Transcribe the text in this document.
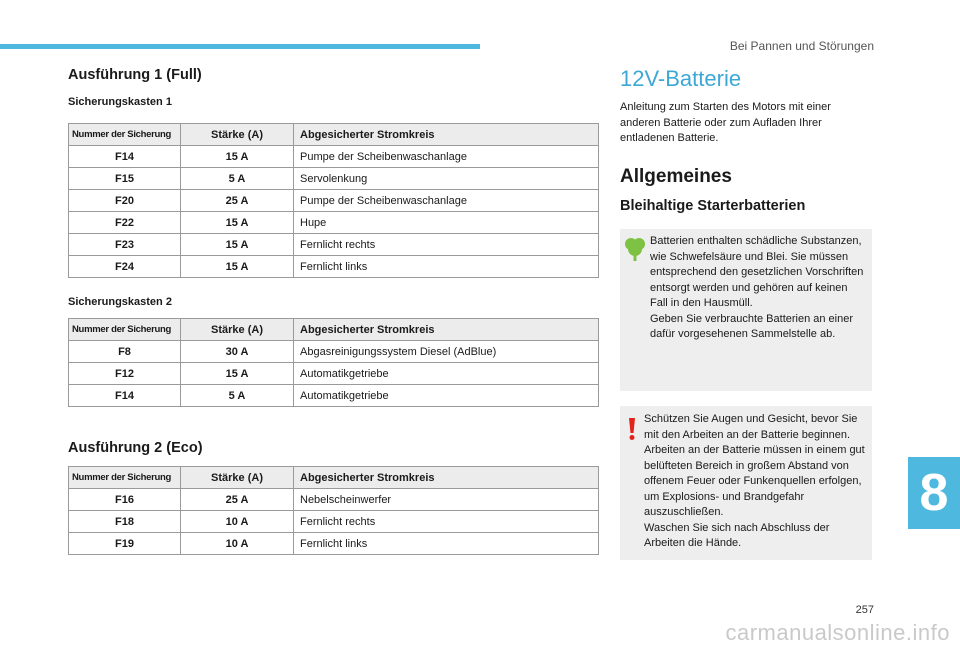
Bei Pannen und Störungen
Ausführung 1 (Full)
Sicherungskasten 1
Nummer der Sicherung	Stärke (A)	Abgesicherter Stromkreis
F14	15 A	Pumpe der Scheibenwaschanlage
F15	5 A	Servolenkung
F20	25 A	Pumpe der Scheibenwaschanlage
F22	15 A	Hupe
F23	15 A	Fernlicht rechts
F24	15 A	Fernlicht links
Sicherungskasten 2
Nummer der Sicherung	Stärke (A)	Abgesicherter Stromkreis
F8	30 A	Abgasreinigungssystem Diesel (AdBlue)
F12	15 A	Automatikgetriebe
F14	5 A	Automatikgetriebe
Ausführung 2 (Eco)
Nummer der Sicherung	Stärke (A)	Abgesicherter Stromkreis
F16	25 A	Nebelscheinwerfer
F18	10 A	Fernlicht rechts
F19	10 A	Fernlicht links
12V-Batterie
Anleitung zum Starten des Motors mit einer anderen Batterie oder zum Aufladen Ihrer entladenen Batterie.
Allgemeines
Bleihaltige Starterbatterien
Batterien enthalten schädliche Substanzen, wie Schwefelsäure und Blei. Sie müssen entsprechend den gesetzlichen Vorschriften entsorgt werden und gehören auf keinen Fall in den Hausmüll.
Geben Sie verbrauchte Batterien an einer dafür vorgesehenen Sammelstelle ab.
Schützen Sie Augen und Gesicht, bevor Sie mit den Arbeiten an der Batterie beginnen.
Arbeiten an der Batterie müssen in einem gut belüfteten Bereich in großem Abstand von offenem Feuer oder Funkenquellen erfolgen, um Explosions- und Brandgefahr auszuschließen.
Waschen Sie sich nach Abschluss der Arbeiten die Hände.
8
257
carmanualsonline.info
